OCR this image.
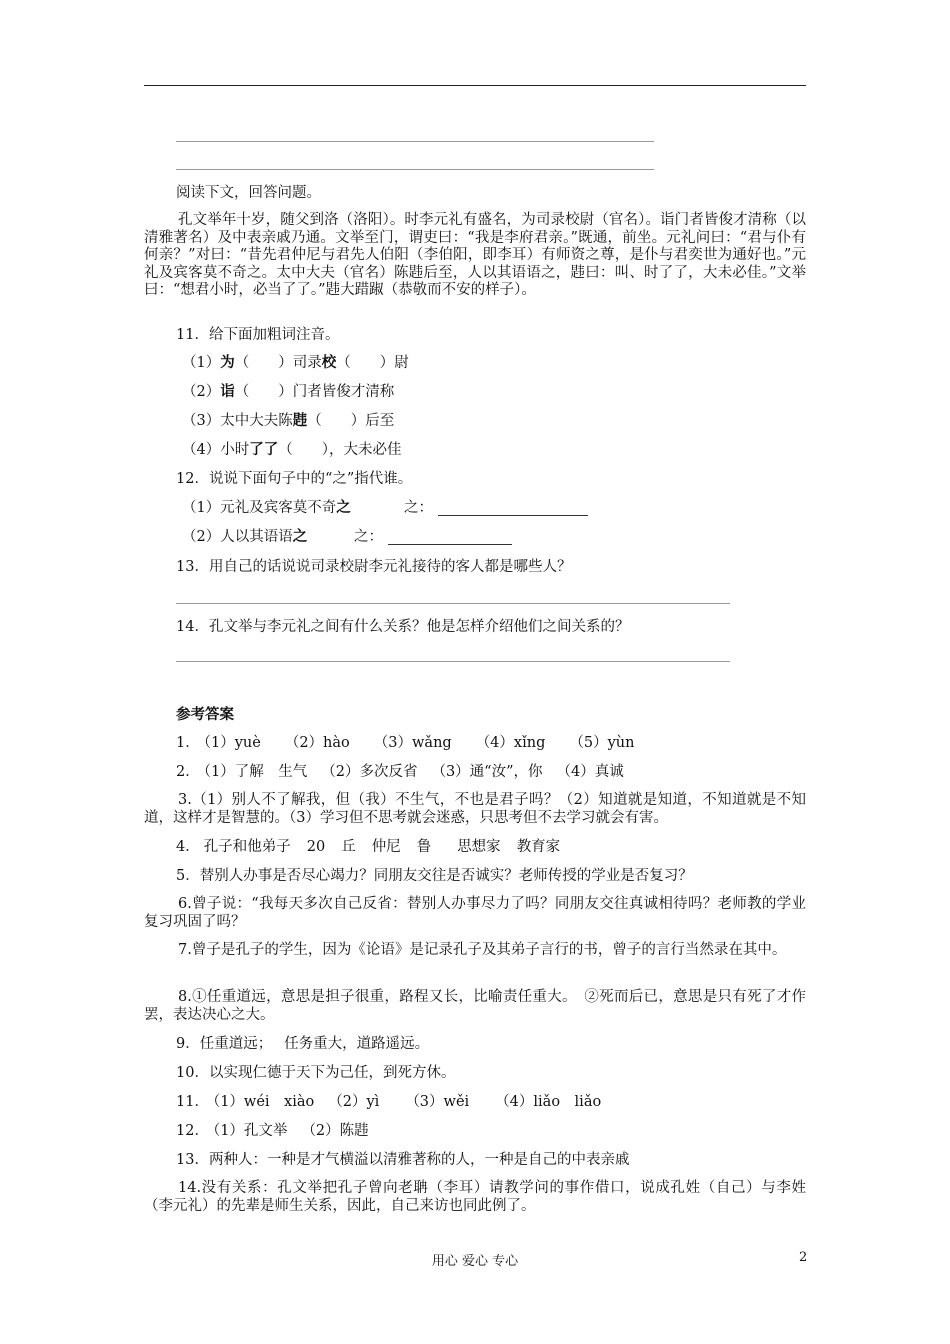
阅读下文，回答问题。
孔文举年十岁，随父到洛（洛阳）。时李元礼有盛名，为司录校尉（官名）。诣门者皆俊才清称（以清雅著名）及中表亲戚乃通。文举至门，谓吏曰：“我是李府君亲。”既通，前坐。元礼问曰：“君与仆有何亲？”对曰：“昔先君仲尼与君先人伯阳（李伯阳，即李耳）有师资之尊，是仆与君奕世为通好也。”元礼及宾客莫不奇之。太中大夫（官名）陈韪后至，人以其语语之，韪曰：叫、时了了，大未必佳。”文举曰：“想君小时，必当了了。”韪大踖踧（恭敬而不安的样子）。
11．给下面加粗词注音。
（1）为（　　）司录校（　　）尉
（2）诣（　　）门者皆俊才清称
（3）太中大夫陈韪（　　）后至
（4）小时了了（　　），大未必佳
12．说说下面句子中的“之”指代谁。
（1）元礼及宾客莫不奇之	之：
（2）人以其语语之	之：
13．用自己的话说说司录校尉李元礼接待的客人都是哪些人？
14．孔文举与李元礼之间有什么关系？他是怎样介绍他们之间关系的？
参考答案
1． （1）yuè （2）hào （3）wǎng （4）xǐng （5）yùn
2． （1）了解　生气 （2）多次反省 （3）通“汝”，你 （4）真诚
3.（1）别人不了解我，但（我）不生气，不也是君子吗？（2）知道就是知道，不知道就是不知道，这样才是智慧的。（3）学习但不思考就会迷惑，只思考但不去学习就会有害。
4． 孔子和他弟子 20 丘 仲尼 鲁 思想家 教育家
5．替别人办事是否尽心竭力？同朋友交往是否诚实？老师传授的学业是否复习？
6.曾子说：“我每天多次自己反省：替别人办事尽力了吗？同朋友交往真诚相待吗？老师教的学业复习巩固了吗？
7.曾子是孔子的学生，因为《论语》是记录孔子及其弟子言行的书，曾子的言行当然录在其中。
8.①任重道远，意思是担子很重，路程又长，比喻责任重大。　②死而后已，意思是只有死了才作罢，表达决心之大。
9．任重道远；　 任务重大，道路遥远。
10．以实现仁德于天下为己任，到死方休。
11． （1）wéi　xiào （2）yì （3）wěi （4）liǎo　liǎo
12． （1）孔文举 （2）陈韪
13．两种人：一种是才气横溢以清雅著称的人，一种是自己的中表亲戚
14.没有关系：孔文举把孔子曾向老聃（李耳）请教学问的事作借口，说成孔姓（自己）与李姓（李元礼）的先辈是师生关系，因此，自己来访也同此例了。
用心 爱心 专心	2
